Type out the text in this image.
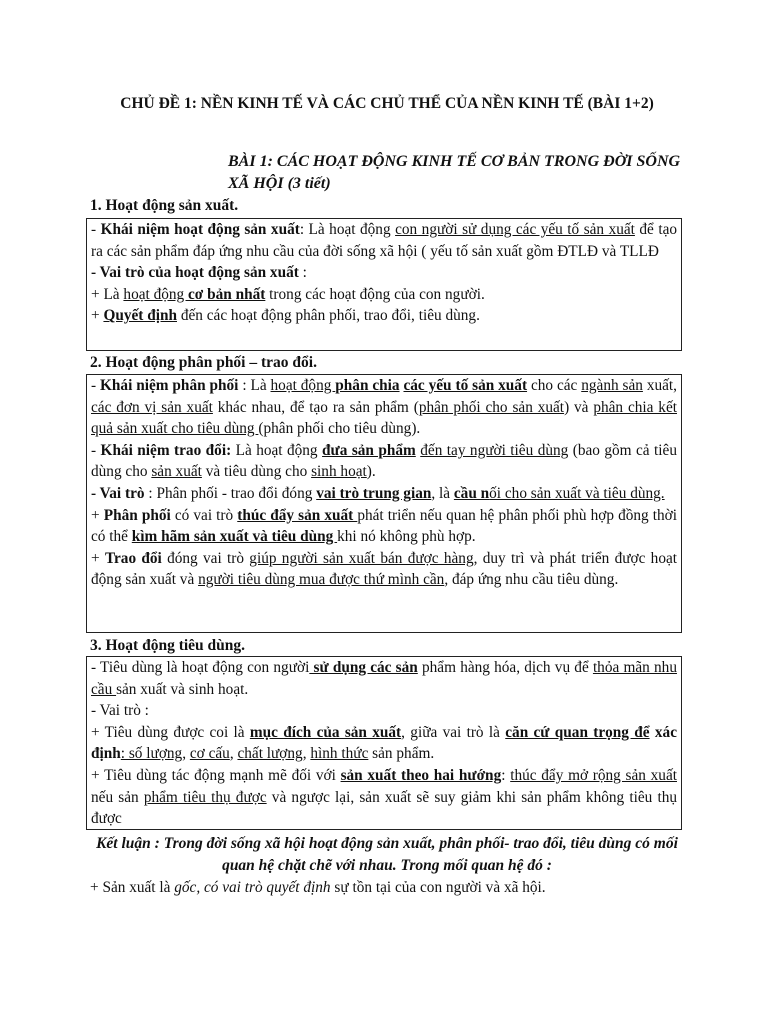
CHỦ ĐỀ 1: NỀN KINH TẾ VÀ CÁC CHỦ THỂ CỦA NỀN KINH TẾ (BÀI 1+2)
BÀI 1: CÁC HOẠT ĐỘNG KINH TẾ CƠ BẢN TRONG ĐỜI SỐNG XÃ HỘI (3 tiết)
1. Hoạt động sản xuất.

- Khái niệm hoạt động sản xuất: Là hoạt động con người sử dụng các yếu tố sản xuất để tạo ra các sản phẩm đáp ứng nhu cầu của đời sống xã hội ( yếu tố sản xuất gồm ĐTLĐ và TLLĐ

- Vai trò của hoạt động sản xuất :

+ Là hoạt động cơ bản nhất trong các hoạt động của con người.

+ Quyết định đến các hoạt động phân phối, trao đổi, tiêu dùng.

2. Hoạt động phân phối – trao đổi.

- Khái niệm phân phối : Là hoạt động phân chia các yếu tố sản xuất cho các ngành sản xuất, các đơn vị sản xuất khác nhau, để tạo ra sản phẩm (phân phối cho sản xuất) và phân chia kết quả sản xuất cho tiêu dùng (phân phối cho tiêu dùng).

- Khái niệm trao đổi: Là hoạt động đưa sản phẩm đến tay người tiêu dùng (bao gồm cả tiêu dùng cho sản xuất và tiêu dùng cho sinh hoạt).

- Vai trò : Phân phối - trao đổi đóng vai trò trung gian, là cầu nối cho sản xuất và tiêu dùng.

+ Phân phối có vai trò thúc đẩy sản xuất phát triển nếu quan hệ phân phối phù hợp đồng thời có thể kìm hãm sản xuất và tiêu dùng khi nó không phù hợp.

+ Trao đổi đóng vai trò giúp người sản xuất bán được hàng, duy trì và phát triển được hoạt động sản xuất và người tiêu dùng mua được thứ mình cần, đáp ứng nhu cầu tiêu dùng.

3. Hoạt động tiêu dùng.

- Tiêu dùng là hoạt động con người sử dụng các sản phẩm hàng hóa, dịch vụ để thỏa mãn nhu cầu sản xuất và sinh hoạt.

- Vai trò :

+ Tiêu dùng được coi là mục đích của sản xuất, giữa vai trò là căn cứ quan trọng để xác định: số lượng, cơ cấu, chất lượng, hình thức sản phẩm.

+ Tiêu dùng tác động mạnh mẽ đối với sản xuất theo hai hướng: thúc đẩy mở rộng sản xuất nếu sản phẩm tiêu thụ được và ngược lại, sản xuất sẽ suy giảm khi sản phẩm không tiêu thụ được

Kết luận : Trong đời sống xã hội hoạt động sản xuất, phân phối- trao đổi, tiêu dùng có mối quan hệ chặt chẽ với nhau. Trong mối quan hệ đó :
+ Sản xuất là gốc, có vai trò quyết định sự tồn tại của con người và xã hội.
